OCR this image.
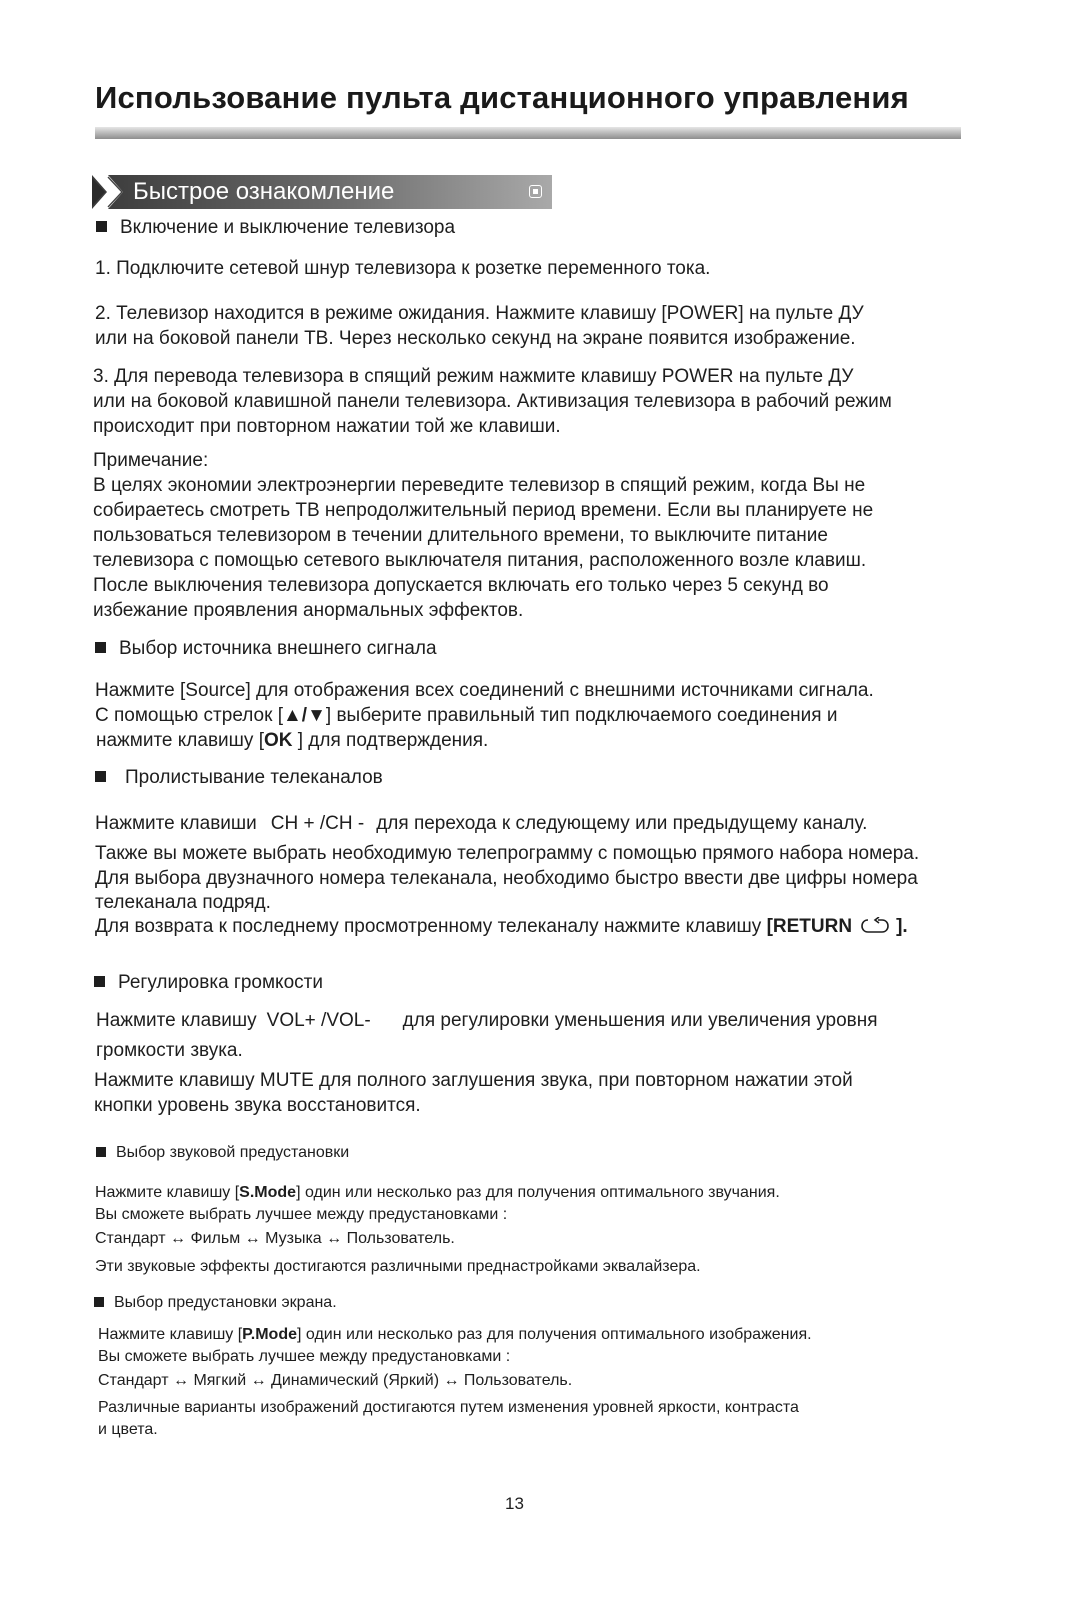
Использование пульта дистанционного управления
Быстрое ознакомление
Включение и выключение телевизора
1. Подключите сетевой шнур телевизора к розетке переменного тока.
2. Телевизор находится в режиме ожидания. Нажмите клавишу [POWER] на пульте ДУ
или на боковой панели ТВ. Через несколько секунд на экране появится изображение.
3. Для перевода телевизора в спящий режим нажмите клавишу POWER на пульте ДУ
или на боковой клавишной панели телевизора. Активизация телевизора в рабочий режим
происходит при повторном нажатии той же клавиши.
Примечание:
В целях экономии электроэнергии переведите телевизор в спящий режим, когда Вы не
собираетесь смотреть ТВ непродолжительный период времени. Если вы планируете не
пользоваться телевизором в течении длительного времени, то выключите питание
телевизора с помощью сетевого выключателя питания, расположенного возле клавиш.
После выключения телевизора допускается включать его только через 5 секунд во
избежание проявления анормальных эффектов.
Выбор источника внешнего сигнала
Нажмите [Source] для отображения всех соединений с внешними источниками сигнала.
С помощью стрелок [▲/▼] выберите правильный тип подключаемого соединения и
нажмите клавишу [OK ] для подтверждения.
Пролистывание телеканалов
Нажмите клавиши CH + /CH - для перехода к следующему или предыдущему каналу.
Также вы можете выбрать необходимую телепрограмму с помощью прямого набора номера.
Для выбора двузначного номера телеканала, необходимо быстро ввести две цифры номера
телеканала подряд.
Для возврата к последнему просмотренному телеканалу нажмите клавишу [RETURN ].
Регулировка громкости
Нажмите клавишу VOL+ /VOL- для регулировки уменьшения или увеличения уровня
громкости звука.
Нажмите клавишу MUTE для полного заглушения звука, при повторном нажатии этой
кнопки уровень звука восстановится.
Выбор звуковой предустановки
Нажмите клавишу [S.Mode] один или несколько раз для получения оптимального звучания.
Вы сможете выбрать лучшее между предустановками :
Стандарт ↔ Фильм ↔ Музыка ↔ Пользователь.
Эти звуковые эффекты достигаются различными преднастройками эквалайзера.
Выбор предустановки экрана.
Нажмите клавишу [P.Mode] один или несколько раз для получения оптимального изображения.
Вы сможете выбрать лучшее между предустановками :
Стандарт ↔ Мягкий ↔ Динамический (Яркий) ↔ Пользователь.
Различные варианты изображений достигаются путем изменения уровней яркости, контраста
и цвета.
13
